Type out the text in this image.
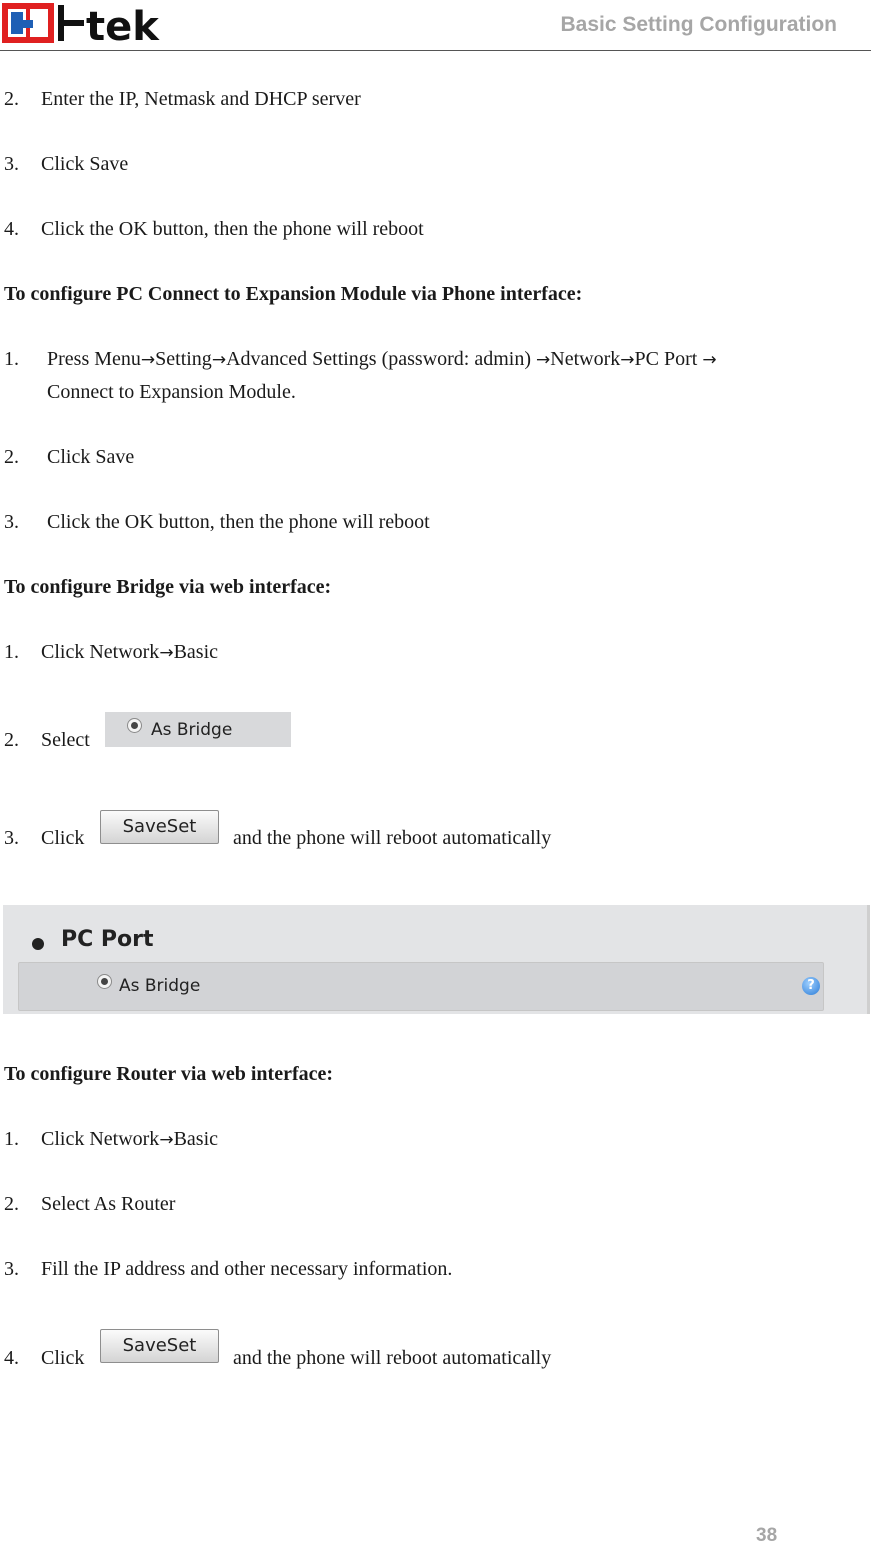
tek	Basic Setting Configuration
2. Enter the IP, Netmask and DHCP server
3. Click Save
4. Click the OK button, then the phone will reboot
To configure PC Connect to Expansion Module via Phone interface:
1. Press Menu→Setting→Advanced Settings (password: admin) →Network→PC Port →
Connect to Expansion Module.
2. Click Save
3. Click the OK button, then the phone will reboot
To configure Bridge via web interface:
1. Click Network→Basic
2. Select	As Bridge
3. Click
SaveSet
and the phone will reboot automatically
PC Port
As Bridge	?
To configure Router via web interface:
1. Click Network→Basic
2. Select As Router
3. Fill the IP address and other necessary information.
4. Click
SaveSet
and the phone will reboot automatically
38
